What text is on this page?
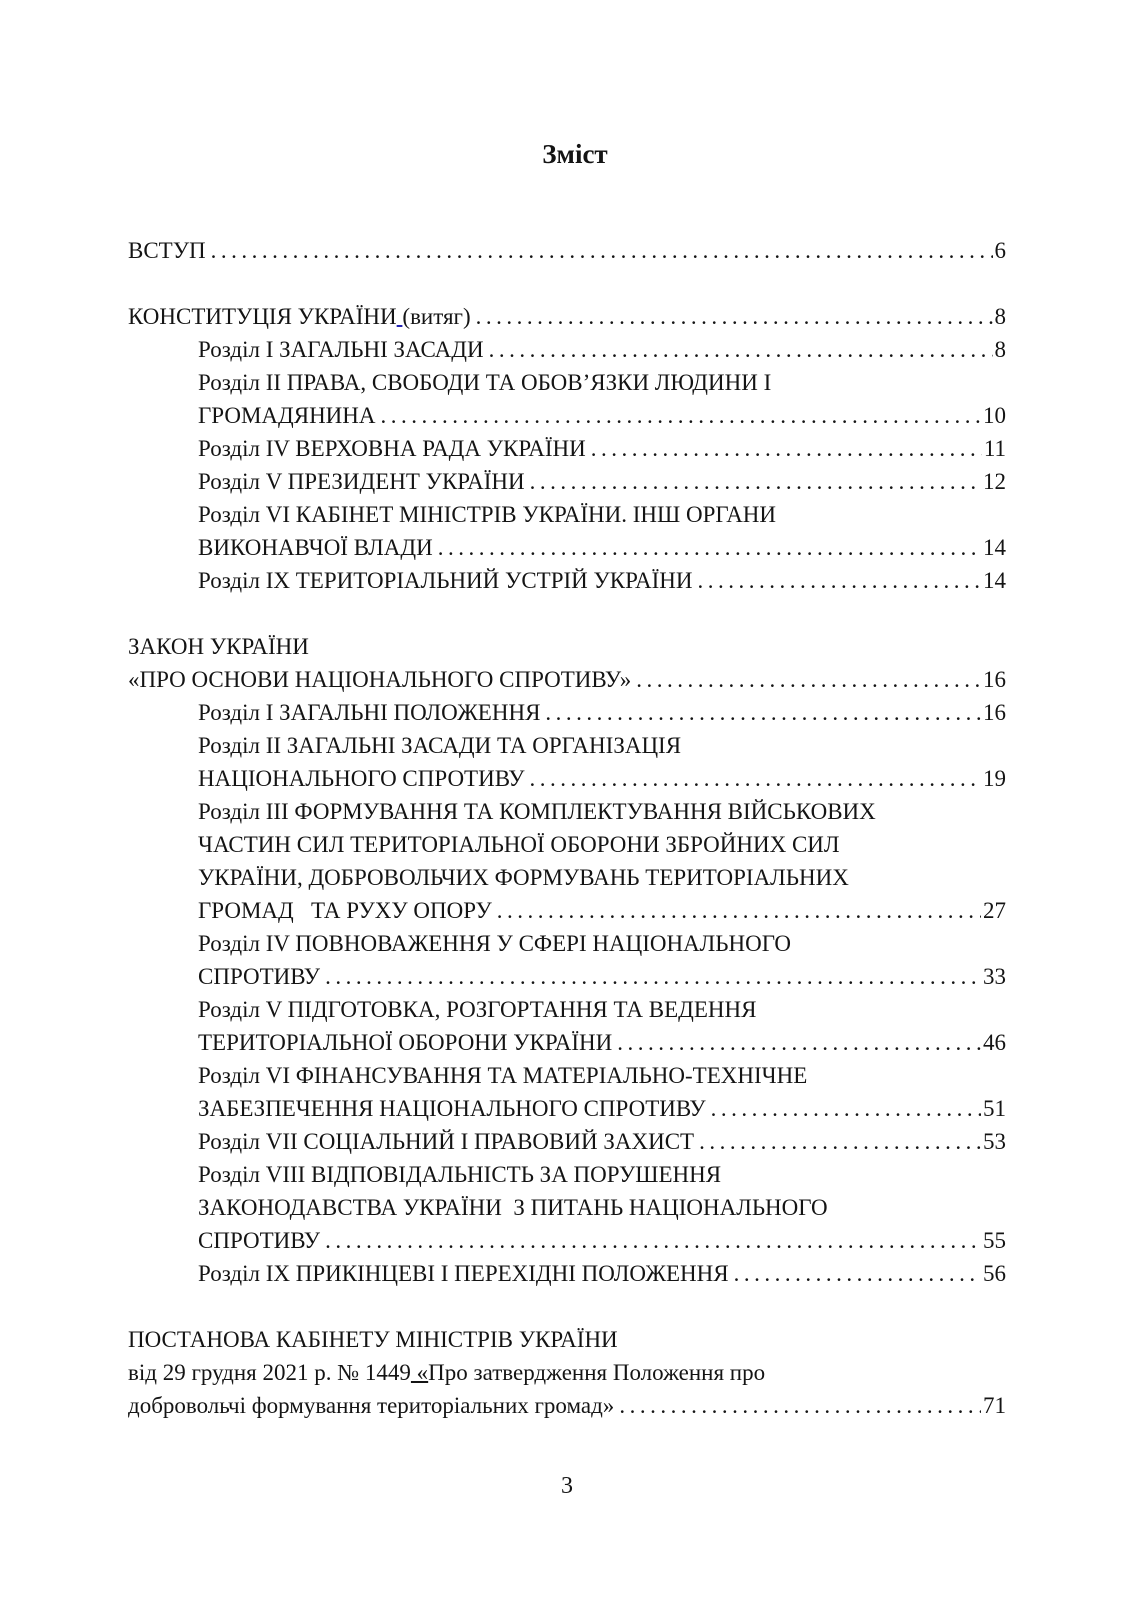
Зміст
ВСТУП .....	6
КОНСТИТУЦІЯ УКРАЇНИ (витяг) .....	8
Розділ І ЗАГАЛЬНІ ЗАСАДИ .....	8
Розділ ІІ ПРАВА, СВОБОДИ ТА ОБОВ’ЯЗКИ ЛЮДИНИ І
ГРОМАДЯНИНА .....	10
Розділ IV ВЕРХОВНА РАДА УКРАЇНИ .....	11
Розділ V ПРЕЗИДЕНТ УКРАЇНИ .....	12
Розділ VI КАБІНЕТ МІНІСТРІВ УКРАЇНИ. ІНШ ОРГАНИ
ВИКОНАВЧОЇ ВЛАДИ .....	14
Розділ ІХ ТЕРИТОРІАЛЬНИЙ УСТРІЙ УКРАЇНИ .....	14
ЗАКОН УКРАЇНИ
«ПРО ОСНОВИ НАЦІОНАЛЬНОГО СПРОТИВУ» .....	16
Розділ І ЗАГАЛЬНІ ПОЛОЖЕННЯ .....	16
Розділ ІІ ЗАГАЛЬНІ ЗАСАДИ ТА ОРГАНІЗАЦІЯ
НАЦІОНАЛЬНОГО СПРОТИВУ .....	19
Розділ ІІІ ФОРМУВАННЯ ТА КОМПЛЕКТУВАННЯ ВІЙСЬКОВИХ
ЧАСТИН СИЛ ТЕРИТОРІАЛЬНОЇ ОБОРОНИ ЗБРОЙНИХ СИЛ
УКРАЇНИ, ДОБРОВОЛЬЧИХ ФОРМУВАНЬ ТЕРИТОРІАЛЬНИХ
ГРОМАД   ТА РУХУ ОПОРУ .....	27
Розділ IV ПОВНОВАЖЕННЯ У СФЕРІ НАЦІОНАЛЬНОГО
СПРОТИВУ .....	33
Розділ V ПІДГОТОВКА, РОЗГОРТАННЯ ТА ВЕДЕННЯ
ТЕРИТОРІАЛЬНОЇ ОБОРОНИ УКРАЇНИ .....	46
Розділ VI ФІНАНСУВАННЯ ТА МАТЕРІАЛЬНО-ТЕХНІЧНЕ
ЗАБЕЗПЕЧЕННЯ НАЦІОНАЛЬНОГО СПРОТИВУ .....	51
Розділ VII СОЦІАЛЬНИЙ І ПРАВОВИЙ ЗАХИСТ .....	53
Розділ VIII ВІДПОВІДАЛЬНІСТЬ ЗА ПОРУШЕННЯ
ЗАКОНОДАВСТВА УКРАЇНИ  З ПИТАНЬ НАЦІОНАЛЬНОГО
СПРОТИВУ .....	55
Розділ ІХ ПРИКІНЦЕВІ І ПЕРЕХІДНІ ПОЛОЖЕННЯ .....	56
ПОСТАНОВА КАБІНЕТУ МІНІСТРІВ УКРАЇНИ
від 29 грудня 2021 р. № 1449 «Про затвердження Положення про
добровольчі формування територіальних громад» .....	71
3
